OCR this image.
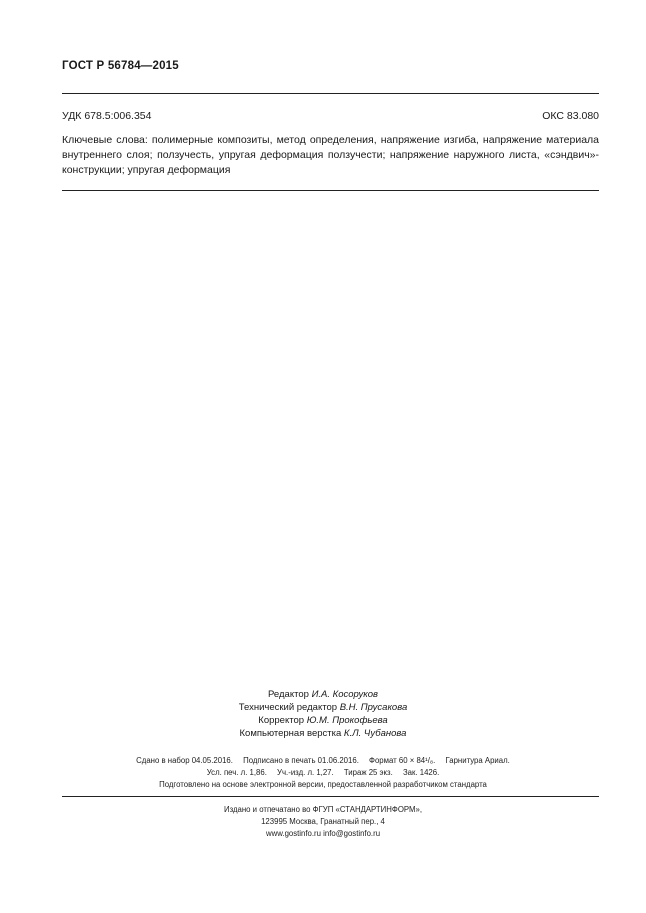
ГОСТ Р 56784—2015
УДК 678.5:006.354	ОКС 83.080
Ключевые слова: полимерные композиты, метод определения, напряжение изгиба, напряжение материала внутреннего слоя; ползучесть, упругая деформация ползучести; напряжение наружного листа, «сэндвич»-конструкции; упругая деформация
Редактор И.А. Косоруков
Технический редактор В.Н. Прусакова
Корректор Ю.М. Прокофьева
Компьютерная верстка К.Л. Чубанова
Сдано в набор 04.05.2016. Подписано в печать 01.06.2016. Формат 60 × 84¹/₈. Гарнитура Ариал.
Усл. печ. л. 1,86. Уч.-изд. л. 1,27. Тираж 25 экз. Зак. 1426.
Подготовлено на основе электронной версии, предоставленной разработчиком стандарта
Издано и отпечатано во ФГУП «СТАНДАРТИНФОРМ»,
123995 Москва, Гранатный пер., 4
www.gostinfo.ru info@gostinfo.ru
